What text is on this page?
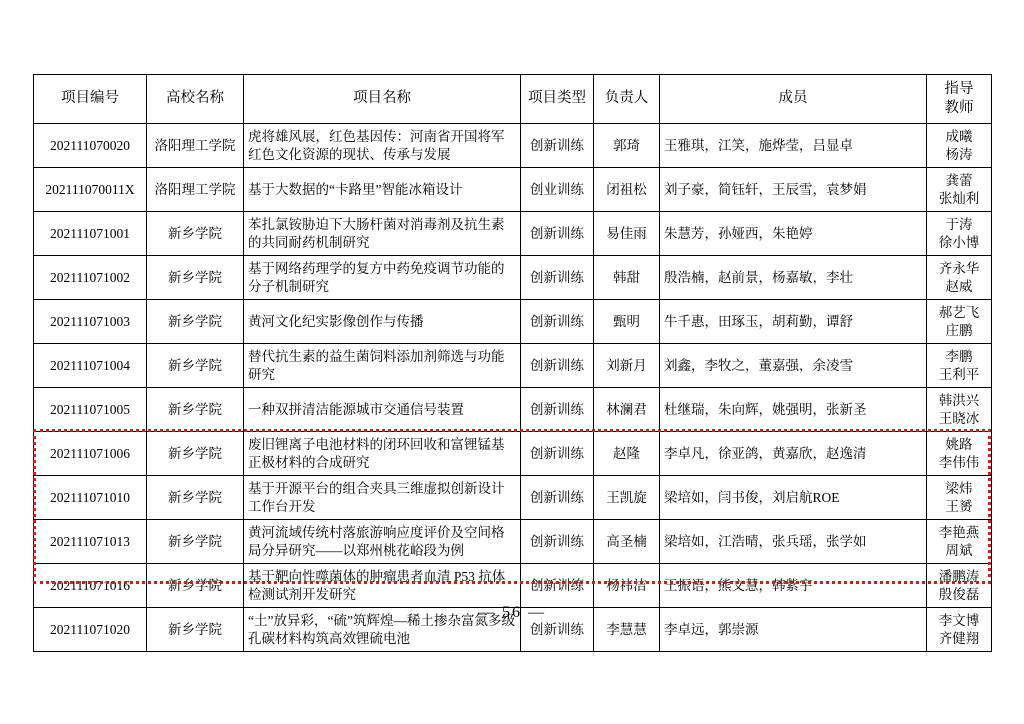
项目编号	高校名称	项目名称	项目类型	负责人	成员	指导
教师

202111070020	洛阳理工学院	虎将雄风展，红色基因传：河南省开国将军红色文化资源的现状、传承与发展	创新训练	郭琦	王雅琪，江笑，施烨莹，吕显卓	成曦
杨涛

202111070011X	洛阳理工学院	基于大数据的“卡路里”智能冰箱设计	创业训练	闭祖松	刘子豪，简钰轩，王辰雪，袁梦娟	龚蕾
张灿利

202111071001	新乡学院	苯扎氯铵胁迫下大肠杆菌对消毒剂及抗生素的共同耐药机制研究	创新训练	易佳雨	朱慧芳，孙娅西，朱艳婷	于涛
徐小博

202111071002	新乡学院	基于网络药理学的复方中药免疫调节功能的分子机制研究	创新训练	韩甜	殷浩楠，赵前景，杨嘉敏，李壮	齐永华
赵威

202111071003	新乡学院	黄河文化纪实影像创作与传播	创新训练	甄明	牛千惠，田琢玉，胡莉勤，谭舒	郝艺飞
庄鹏

202111071004	新乡学院	替代抗生素的益生菌饲料添加剂筛选与功能研究	创新训练	刘新月	刘鑫，李牧之，董嘉强，余凌雪	李鹏
王利平

202111071005	新乡学院	一种双拼清洁能源城市交通信号装置	创新训练	林澜君	杜继瑞，朱向辉，姚强明，张新圣	韩洪兴
王晓冰

202111071006	新乡学院	废旧锂离子电池材料的闭环回收和富锂锰基正极材料的合成研究	创新训练	赵隆	李卓凡，徐亚鸽，黄嘉欣，赵逸清	姚路
李伟伟

202111071010	新乡学院	基于开源平台的组合夹具三维虚拟创新设计工作台开发	创新训练	王凯旋	梁培如，闫书俊，刘启航ROE	梁炜
王赟

202111071013	新乡学院	黄河流域传统村落旅游响应度评价及空间格局分异研究——以郑州桃花峪段为例	创新训练	高圣楠	梁培如，江浩晴，张兵瑶，张学如	李艳燕
周斌

202111071016	新乡学院	基于靶向性噬菌体的肿瘤患者血清 P53 抗体检测试剂开发研究	创新训练	杨祎洁	王振语，熊文慧，韩紫宇	潘鹏涛
殷俊磊

202111071020	新乡学院	“土”放异彩，“硫”筑辉煌—稀土掺杂富氮多级孔碳材料构筑高效锂硫电池	创新训练	李慧慧	李卓远，郭崇源	李文博
齐健翔
— 56 —
